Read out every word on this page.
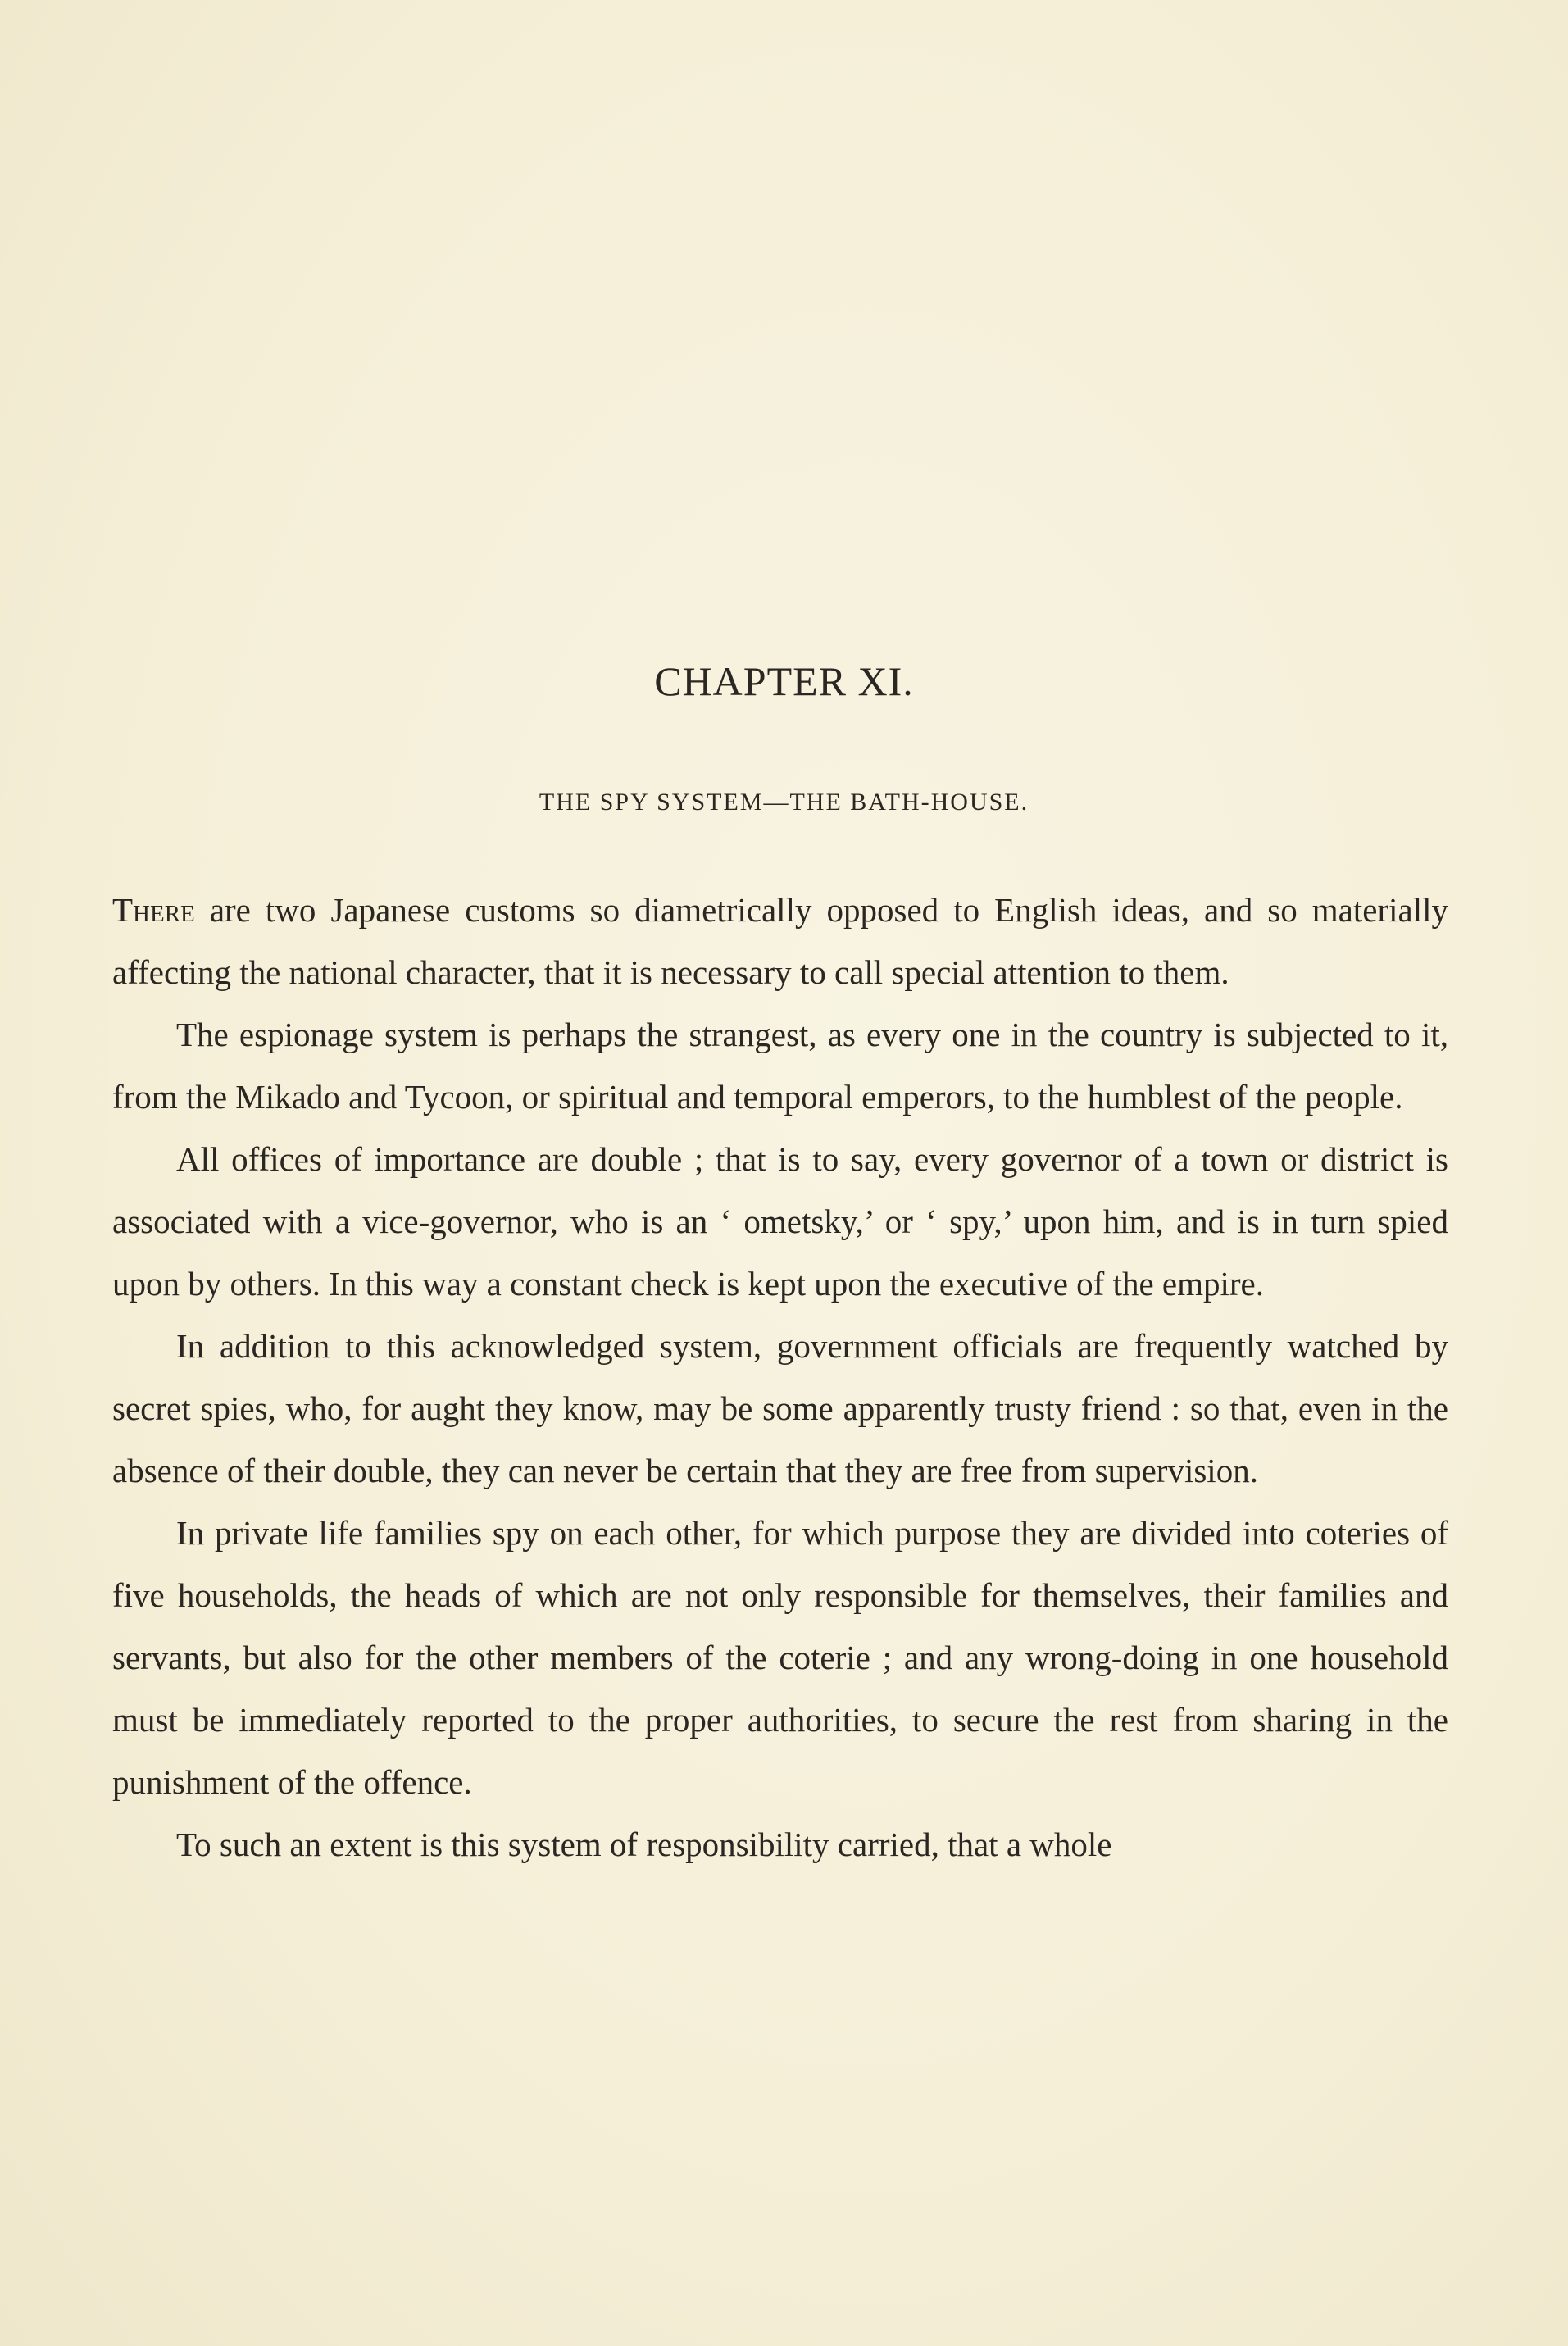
CHAPTER XI.
THE SPY SYSTEM—THE BATH-HOUSE.

There are two Japanese customs so diametrically opposed to English ideas, and so materially affecting the national character, that it is necessary to call special attention to them.

The espionage system is perhaps the strangest, as every one in the country is subjected to it, from the Mikado and Tycoon, or spiritual and temporal emperors, to the humblest of the people.

All offices of importance are double ; that is to say, every governor of a town or district is associated with a vice-governor, who is an ‘ ometsky,’ or ‘ spy,’ upon him, and is in turn spied upon by others. In this way a constant check is kept upon the executive of the empire.

In addition to this acknowledged system, government officials are frequently watched by secret spies, who, for aught they know, may be some apparently trusty friend : so that, even in the absence of their double, they can never be certain that they are free from supervision.

In private life families spy on each other, for which purpose they are divided into coteries of five households, the heads of which are not only responsible for themselves, their families and servants, but also for the other members of the coterie ; and any wrong-doing in one household must be immediately reported to the proper authorities, to secure the rest from sharing in the punishment of the offence.

To such an extent is this system of responsibility carried, that a whole
